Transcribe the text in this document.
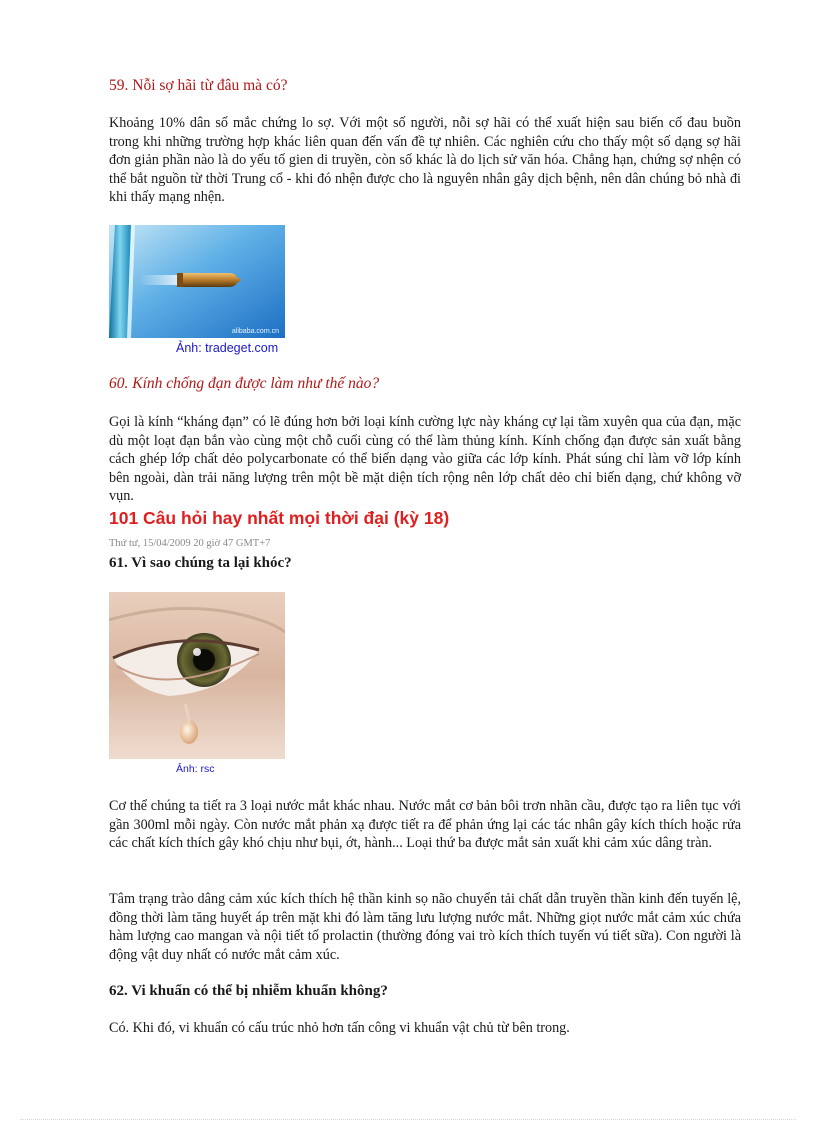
59. Nỗi sợ hãi từ đâu mà có?
Khoảng 10% dân số mắc chứng lo sợ. Với một số người, nỗi sợ hãi có thể xuất hiện sau biến cố đau buồn trong khi những trường hợp khác liên quan đến vấn đề tự nhiên. Các nghiên cứu cho thấy một số dạng sợ hãi đơn giản phần nào là do yếu tố gien di truyền, còn số khác là do lịch sử văn hóa. Chẳng hạn, chứng sợ nhện có thể bắt nguồn từ thời Trung cổ - khi đó nhện được cho là nguyên nhân gây dịch bệnh, nên dân chúng bỏ nhà đi khi thấy mạng nhện.
alibaba.com.cn
Ảnh: tradeget.com
60. Kính chống đạn được làm như thế nào?
Gọi là kính “kháng đạn” có lẽ đúng hơn bởi loại kính cường lực này kháng cự lại tầm xuyên qua của đạn, mặc dù một loạt đạn bắn vào cùng một chỗ cuối cùng có thể làm thủng kính. Kính chống đạn được sản xuất bằng cách ghép lớp chất dẻo polycarbonate có thể biến dạng vào giữa các lớp kính. Phát súng chỉ làm vỡ lớp kính bên ngoài, dàn trải năng lượng trên một bề mặt diện tích rộng nên lớp chất dẻo chỉ biến dạng, chứ không vỡ vụn.
101 Câu hỏi hay nhất mọi thời đại (kỳ 18)
Thứ tư, 15/04/2009 20 giờ 47 GMT+7
61. Vì sao chúng ta lại khóc?
Ảnh: rsc
Cơ thể chúng ta tiết ra 3 loại nước mắt khác nhau. Nước mắt cơ bản bôi trơn nhãn cầu, được tạo ra liên tục với gần 300ml mỗi ngày. Còn nước mắt phản xạ được tiết ra để phản ứng lại các tác nhân gây kích thích hoặc rửa các chất kích thích gây khó chịu như bụi, ớt, hành... Loại thứ ba được mắt sản xuất khi cảm xúc dâng tràn.
Tâm trạng trào dâng cảm xúc kích thích hệ thần kinh sọ não chuyển tải chất dẫn truyền thần kinh đến tuyến lệ, đồng thời làm tăng huyết áp trên mặt khi đó làm tăng lưu lượng nước mắt. Những giọt nước mắt cảm xúc chứa hàm lượng cao mangan và nội tiết tố prolactin (thường đóng vai trò kích thích tuyến vú tiết sữa). Con người là động vật duy nhất có nước mắt cảm xúc.
62. Vi khuẩn có thể bị nhiễm khuẩn không?
Có. Khi đó, vi khuẩn có cấu trúc nhỏ hơn tấn công vi khuẩn vật chủ từ bên trong.
